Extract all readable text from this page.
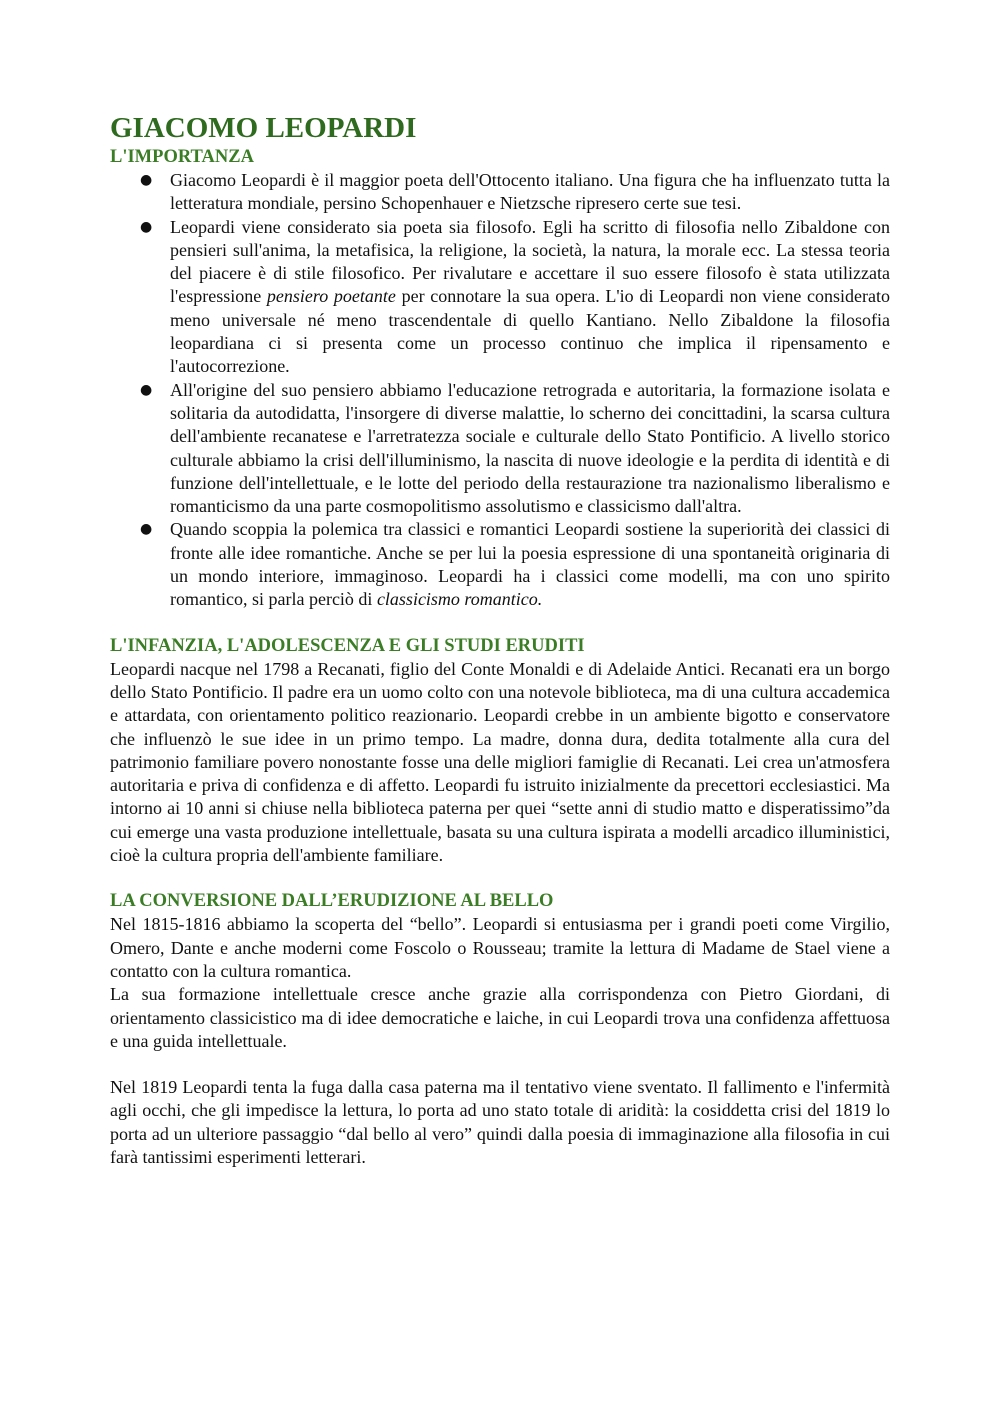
GIACOMO LEOPARDI
L'IMPORTANZA
● Giacomo Leopardi è il maggior poeta dell'Ottocento italiano. Una figura che ha influenzato tutta la letteratura mondiale, persino Schopenhauer e Nietzsche ripresero certe sue tesi.
● Leopardi viene considerato sia poeta sia filosofo. Egli ha scritto di filosofia nello Zibaldone con pensieri sull'anima, la metafisica, la religione, la società, la natura, la morale ecc. La stessa teoria del piacere è di stile filosofico. Per rivalutare e accettare il suo essere filosofo è stata utilizzata l'espressione pensiero poetante per connotare la sua opera. L'io di Leopardi non viene considerato meno universale né meno trascendentale di quello Kantiano. Nello Zibaldone la filosofia leopardiana ci si presenta come un processo continuo che implica il ripensamento e l'autocorrezione.
● All'origine del suo pensiero abbiamo l'educazione retrograda e autoritaria, la formazione isolata e solitaria da autodidatta, l'insorgere di diverse malattie, lo scherno dei concittadini, la scarsa cultura dell'ambiente recanatese e l'arretratezza sociale e culturale dello Stato Pontificio. A livello storico culturale abbiamo la crisi dell'illuminismo, la nascita di nuove ideologie e la perdita di identità e di funzione dell'intellettuale, e le lotte del periodo della restaurazione tra nazionalismo liberalismo e romanticismo da una parte cosmopolitismo assolutismo e classicismo dall'altra.
● Quando scoppia la polemica tra classici e romantici Leopardi sostiene la superiorità dei classici di fronte alle idee romantiche. Anche se per lui la poesia espressione di una spontaneità originaria di un mondo interiore, immaginoso. Leopardi ha i classici come modelli, ma con uno spirito romantico, si parla perciò di classicismo romantico.
L'INFANZIA, L'ADOLESCENZA E GLI STUDI ERUDITI

Leopardi nacque nel 1798 a Recanati, figlio del Conte Monaldi e di Adelaide Antici. Recanati era un borgo dello Stato Pontificio. Il padre era un uomo colto con una notevole biblioteca, ma di una cultura accademica e attardata, con orientamento politico reazionario. Leopardi crebbe in un ambiente bigotto e conservatore che influenzò le sue idee in un primo tempo. La madre, donna dura, dedita totalmente alla cura del patrimonio familiare povero nonostante fosse una delle migliori famiglie di Recanati. Lei crea un'atmosfera autoritaria e priva di confidenza e di affetto. Leopardi fu istruito inizialmente da precettori ecclesiastici. Ma intorno ai 10 anni si chiuse nella biblioteca paterna per quei “sette anni di studio matto e disperatissimo”da cui emerge una vasta produzione intellettuale, basata su una cultura ispirata a modelli arcadico illuministici, cioè la cultura propria dell'ambiente familiare.

LA CONVERSIONE DALL’ERUDIZIONE AL BELLO

Nel 1815-1816 abbiamo la scoperta del “bello”. Leopardi si entusiasma per i grandi poeti come Virgilio, Omero, Dante e anche moderni come Foscolo o Rousseau; tramite la lettura di Madame de Stael viene a contatto con la cultura romantica.

La sua formazione intellettuale cresce anche grazie alla corrispondenza con Pietro Giordani, di orientamento classicistico ma di idee democratiche e laiche, in cui Leopardi trova una confidenza affettuosa e una guida intellettuale.

Nel 1819 Leopardi tenta la fuga dalla casa paterna ma il tentativo viene sventato. Il fallimento e l'infermità agli occhi, che gli impedisce la lettura, lo porta ad uno stato totale di aridità: la cosiddetta crisi del 1819 lo porta ad un ulteriore passaggio “dal bello al vero” quindi dalla poesia di immaginazione alla filosofia in cui farà tantissimi esperimenti letterari.
